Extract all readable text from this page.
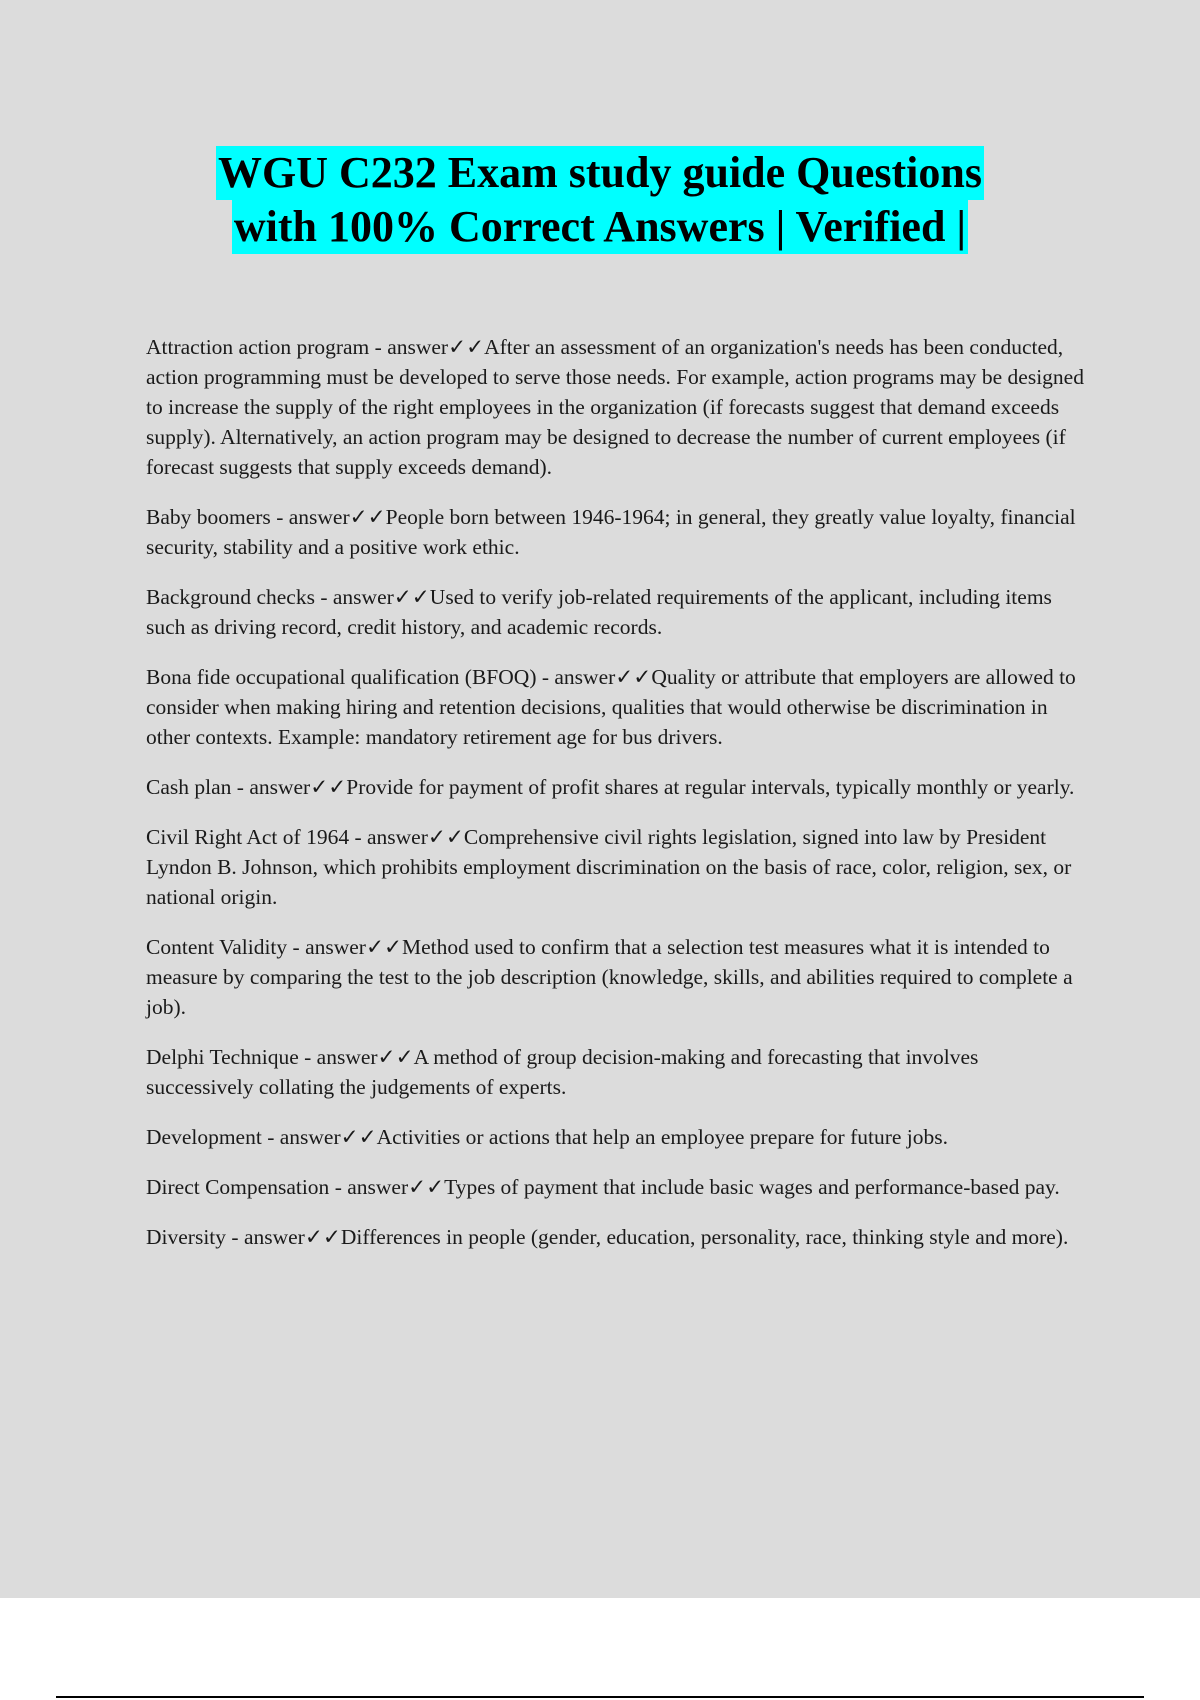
WGU C232 Exam study guide Questions
with 100% Correct Answers | Verified |

Attraction action program - answer✓✓After an assessment of an organization's needs has been conducted, action programming must be developed to serve those needs. For example, action programs may be designed to increase the supply of the right employees in the organization (if forecasts suggest that demand exceeds supply). Alternatively, an action program may be designed to decrease the number of current employees (if forecast suggests that supply exceeds demand).

Baby boomers - answer✓✓People born between 1946-1964; in general, they greatly value loyalty, financial security, stability and a positive work ethic.

Background checks - answer✓✓Used to verify job-related requirements of the applicant, including items such as driving record, credit history, and academic records.

Bona fide occupational qualification (BFOQ) - answer✓✓Quality or attribute that employers are allowed to consider when making hiring and retention decisions, qualities that would otherwise be discrimination in other contexts. Example: mandatory retirement age for bus drivers.

Cash plan - answer✓✓Provide for payment of profit shares at regular intervals, typically monthly or yearly.

Civil Right Act of 1964 - answer✓✓Comprehensive civil rights legislation, signed into law by President Lyndon B. Johnson, which prohibits employment discrimination on the basis of race, color, religion, sex, or national origin.

Content Validity - answer✓✓Method used to confirm that a selection test measures what it is intended to measure by comparing the test to the job description (knowledge, skills, and abilities required to complete a job).

Delphi Technique - answer✓✓A method of group decision-making and forecasting that involves successively collating the judgements of experts.

Development - answer✓✓Activities or actions that help an employee prepare for future jobs.

Direct Compensation - answer✓✓Types of payment that include basic wages and performance-based pay.

Diversity - answer✓✓Differences in people (gender, education, personality, race, thinking style and more).
